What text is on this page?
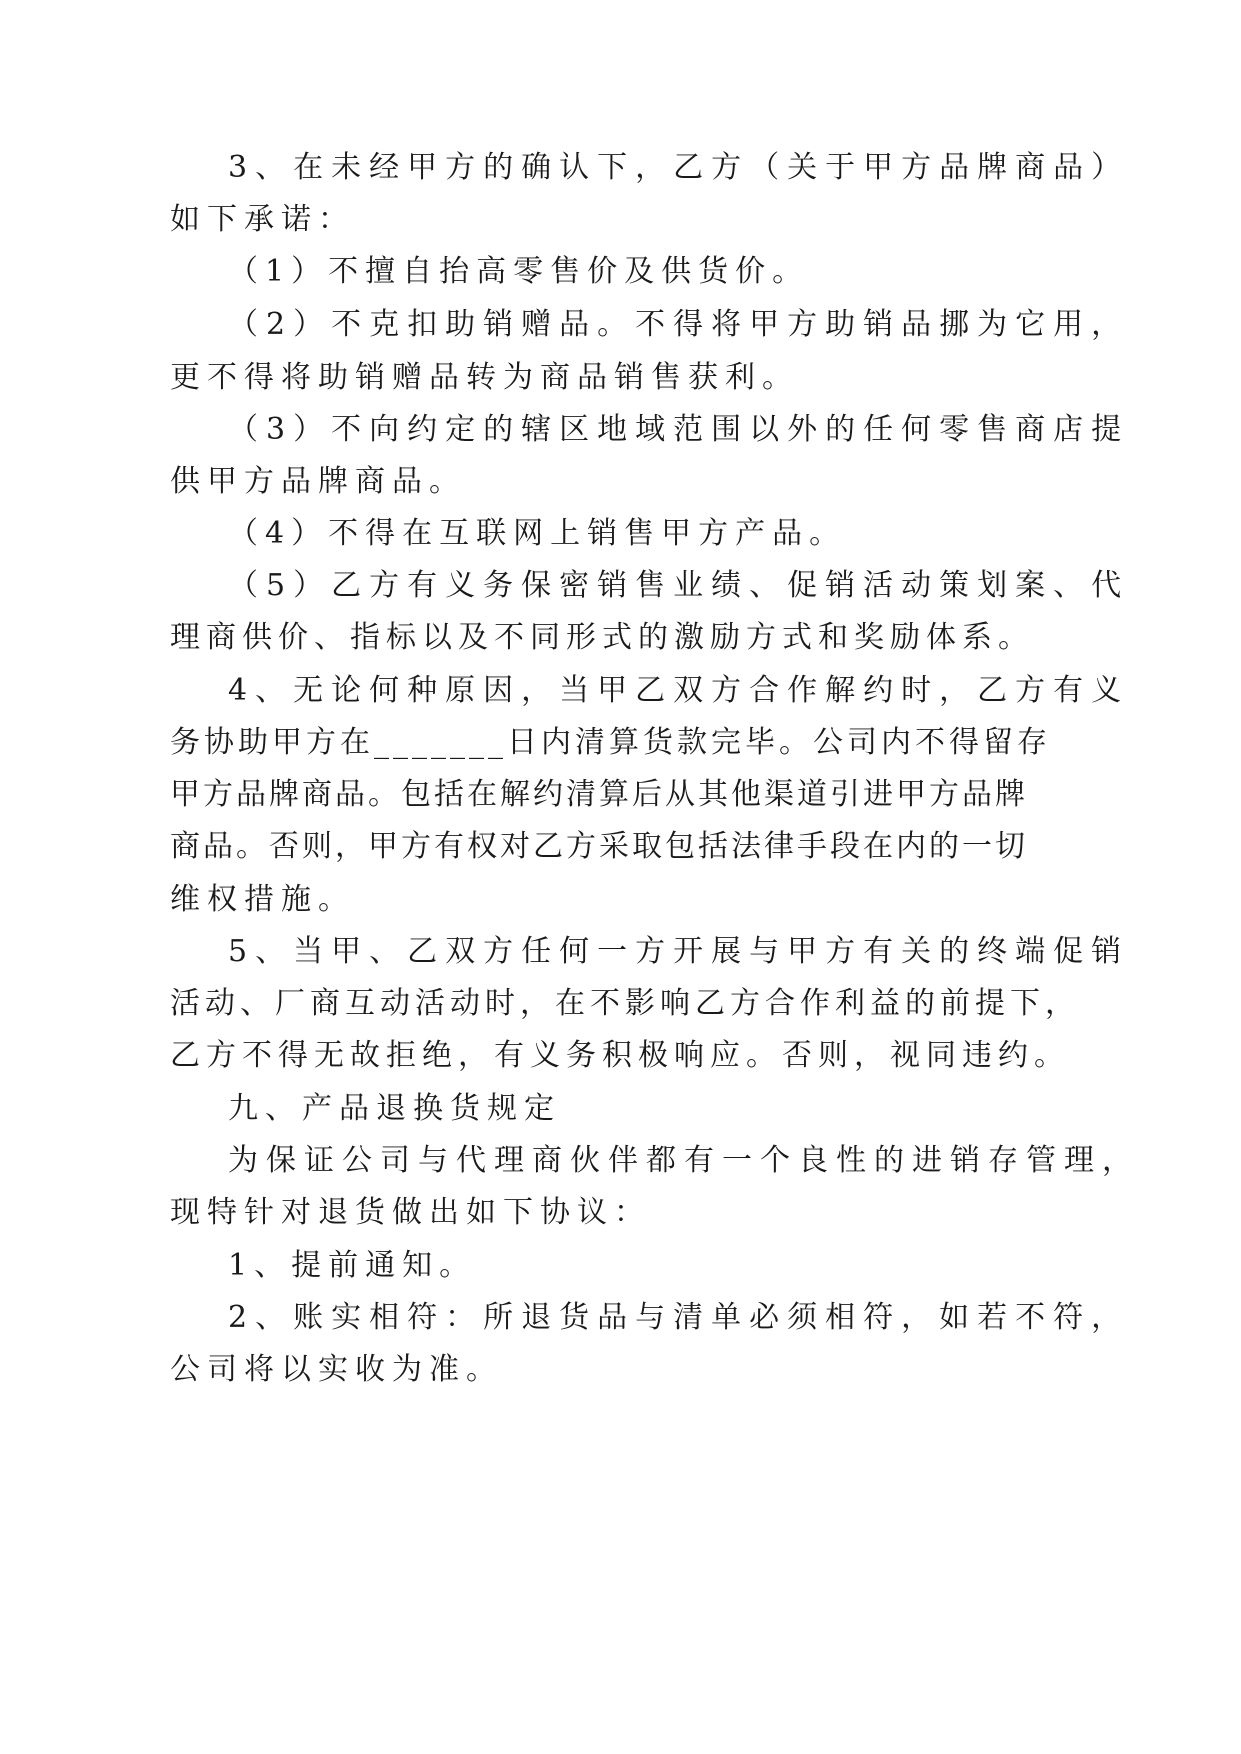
3、在未经甲方的确认下，乙方（关于甲方品牌商品）
如下承诺：
（1）不擅自抬高零售价及供货价。
（2）不克扣助销赠品。不得将甲方助销品挪为它用，
更不得将助销赠品转为商品销售获利。
（3）不向约定的辖区地域范围以外的任何零售商店提
供甲方品牌商品。
（4）不得在互联网上销售甲方产品。
（5）乙方有义务保密销售业绩、促销活动策划案、代
理商供价、指标以及不同形式的激励方式和奖励体系。
4、无论何种原因，当甲乙双方合作解约时，乙方有义
务协助甲方在_______日内清算货款完毕。公司内不得留存
甲方品牌商品。包括在解约清算后从其他渠道引进甲方品牌
商品。否则，甲方有权对乙方采取包括法律手段在内的一切
维权措施。
5、当甲、乙双方任何一方开展与甲方有关的终端促销
活动、厂商互动活动时，在不影响乙方合作利益的前提下，
乙方不得无故拒绝，有义务积极响应。否则，视同违约。
九、产品退换货规定
为保证公司与代理商伙伴都有一个良性的进销存管理，
现特针对退货做出如下协议：
1、提前通知。
2、账实相符：所退货品与清单必须相符，如若不符，
公司将以实收为准。
